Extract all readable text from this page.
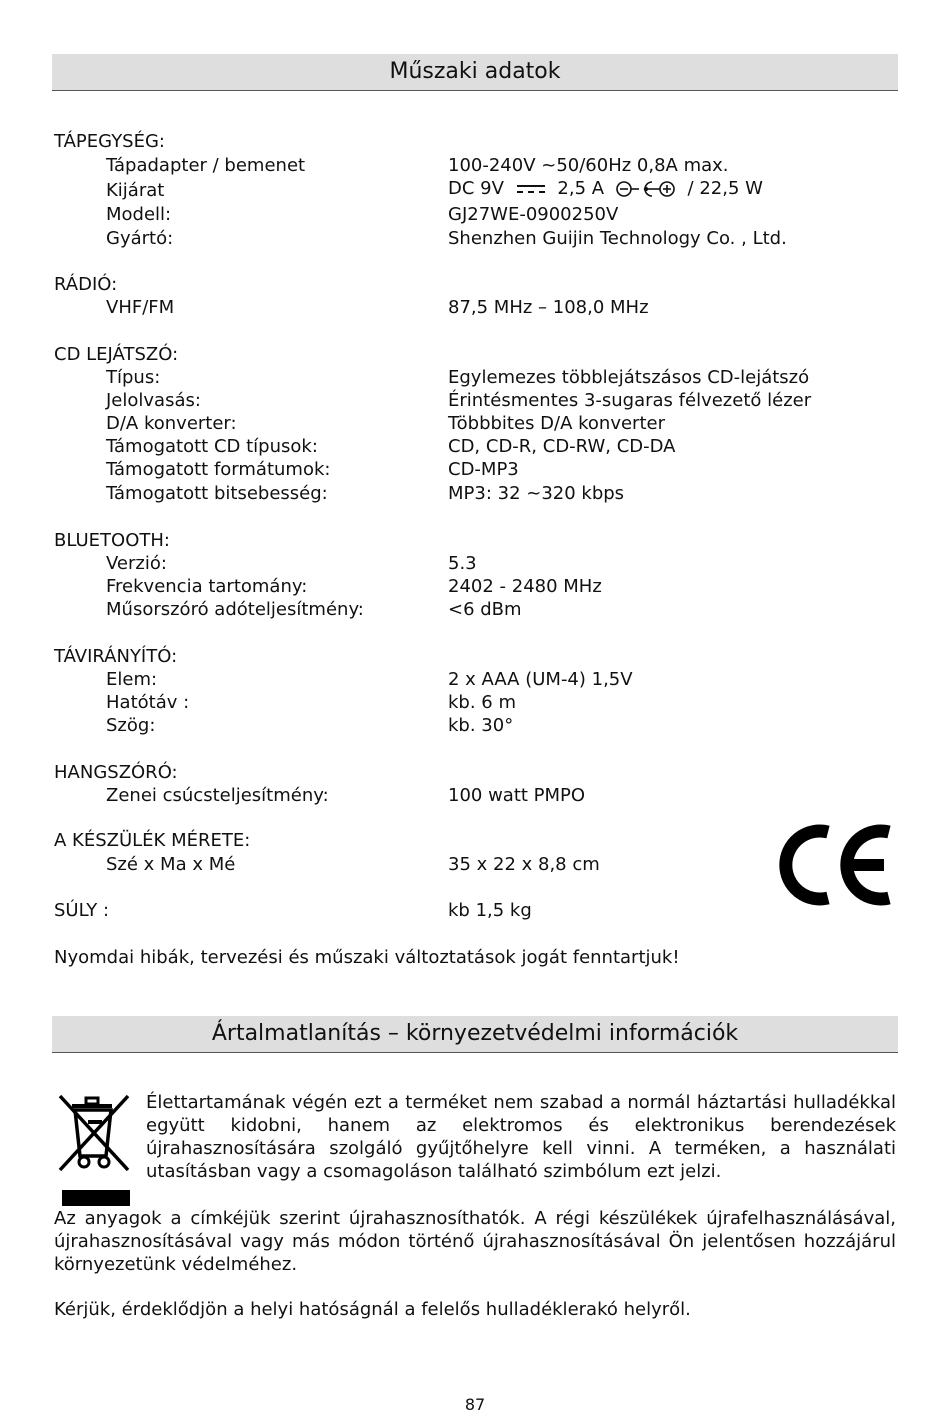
Műszaki adatok
TÁPEGYSÉG:
Tápadapter / bemenet	100-240V ~50/60Hz 0,8A max.
Kijárat	DC 9V	2,5 A	/ 22,5 W
Modell:	GJ27WE-0900250V
Gyártó:	Shenzhen Guijin Technology Co. , Ltd.
RÁDIÓ:
VHF/FM	87,5 MHz – 108,0 MHz
CD LEJÁTSZÓ:
Típus:	Egylemezes többlejátszásos CD-lejátszó
Jelolvasás:	Érintésmentes 3-sugaras félvezető lézer
D/A konverter:	Többbites D/A konverter
Támogatott CD típusok:	CD, CD-R, CD-RW, CD-DA
Támogatott formátumok:	CD-MP3
Támogatott bitsebesség:	MP3: 32 ~320 kbps
BLUETOOTH:
Verzió:	5.3
Frekvencia tartomány:	2402 - 2480 MHz
Műsorszóró adóteljesítmény:	<6 dBm
TÁVIRÁNYÍTÓ:
Elem:	2 x AAA (UM-4) 1,5V
Hatótáv :	kb. 6 m
Szög:	kb. 30°
HANGSZÓRÓ:
Zenei csúcsteljesítmény:	100 watt PMPO
A KÉSZÜLÉK MÉRETE:
Szé x Ma x Mé	35 x 22 x 8,8 cm
SÚLY :	kb 1,5 kg
Nyomdai hibák, tervezési és műszaki változtatások jogát fenntartjuk!
Ártalmatlanítás – környezetvédelmi információk
Élettartamának végén ezt a terméket nem szabad a normál háztartási hulladékkal együtt kidobni, hanem az elektromos és elektronikus berendezések újrahasznosítására szolgáló gyűjtőhelyre kell vinni. A terméken, a használati utasításban vagy a csomagoláson található szimbólum ezt jelzi.
Az anyagok a címkéjük szerint újrahasznosíthatók. A régi készülékek újrafelhasználásával, újrahasznosításával vagy más módon történő újrahasznosításával Ön jelentősen hozzájárul környezetünk védelméhez.
Kérjük, érdeklődjön a helyi hatóságnál a felelős hulladéklerakó helyről.
87
